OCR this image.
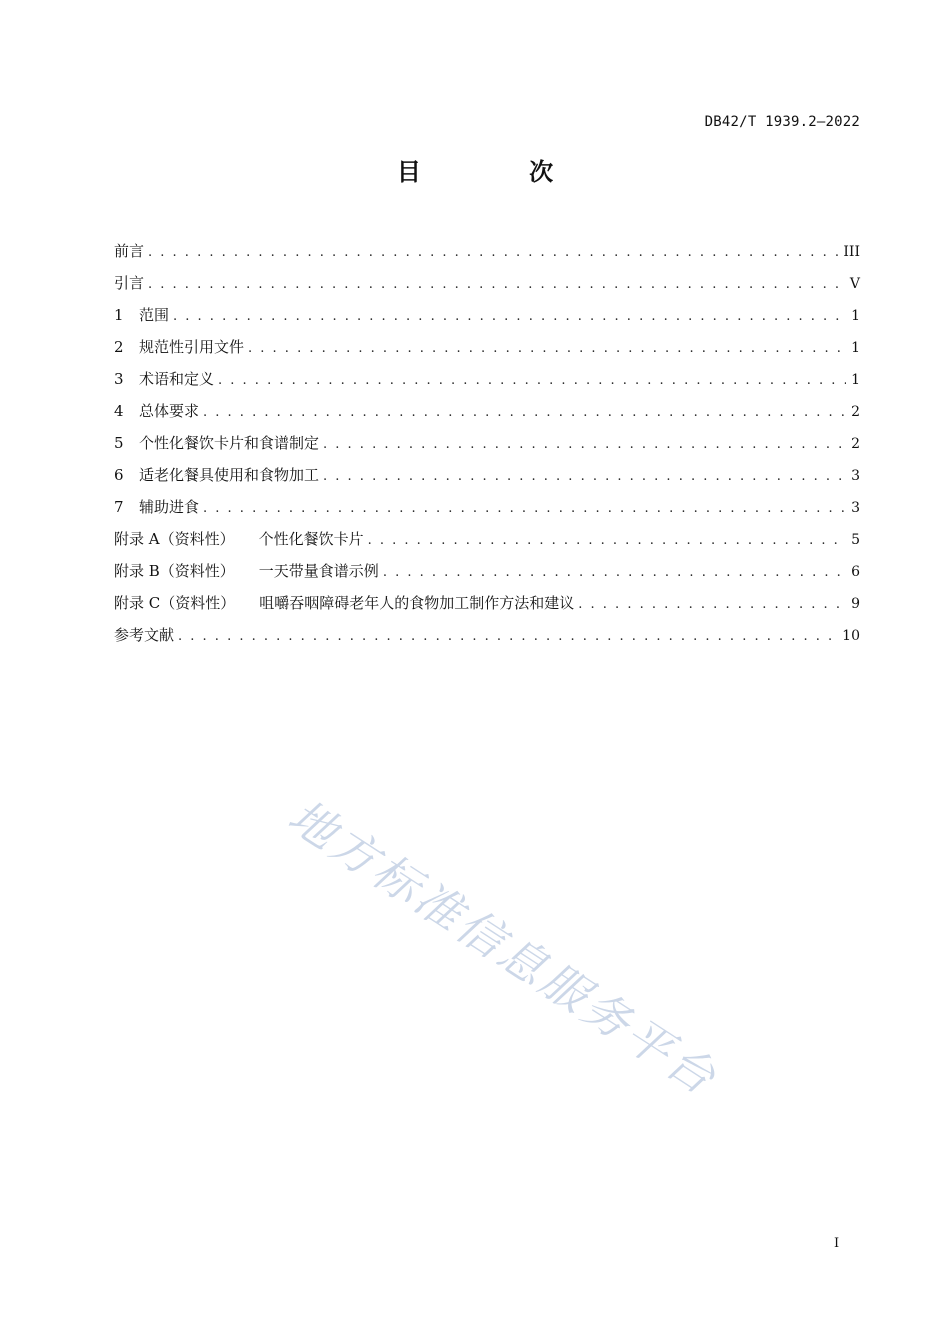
DB42/T 1939.2—2022
目 次
前言 . . .	III
引言 . . .	V
1	范围 . . .	1
2	规范性引用文件 . . .	1
3	术语和定义 . . .	1
4	总体要求 . . .	2
5	个性化餐饮卡片和食谱制定 . . .	2
6	适老化餐具使用和食物加工 . . .	3
7	辅助进食 . . .	3
附录 A（资料性） 个性化餐饮卡片 . . .	5
附录 B（资料性） 一天带量食谱示例 . . .	6
附录 C（资料性） 咀嚼吞咽障碍老年人的食物加工制作方法和建议 . . .	9
参考文献 . . .	10
地方标准信息服务平台
I
